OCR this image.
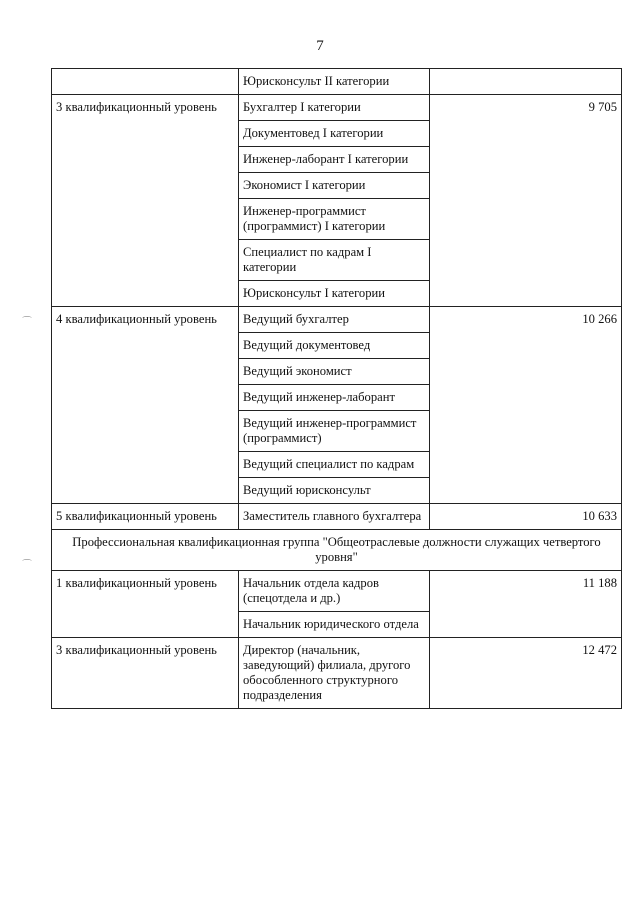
7
	Юрисконсульт II категории	
3 квалификационный уровень	Бухгалтер I категории	9 705
	Документовед I категории	
	Инженер-лаборант I категории	
	Экономист I категории	
	Инженер-программист (программист) I категории	
	Специалист по кадрам I категории	
	Юрисконсульт I категории	
4 квалификационный уровень	Ведущий бухгалтер	10 266
	Ведущий документовед	
	Ведущий экономист	
	Ведущий инженер-лаборант	
	Ведущий инженер-программист (программист)	
	Ведущий специалист по кадрам	
	Ведущий юрисконсульт	
5 квалификационный уровень	Заместитель главного бухгалтера	10 633
Профессиональная квалификационная группа "Общеотраслевые должности служащих четвертого уровня"		
1 квалификационный уровень	Начальник отдела кадров (спецотдела и др.)	11 188
	Начальник юридического отдела	
3 квалификационный уровень	Директор (начальник, заведующий) филиала, другого обособленного структурного подразделения	12 472
⌒
⌒
